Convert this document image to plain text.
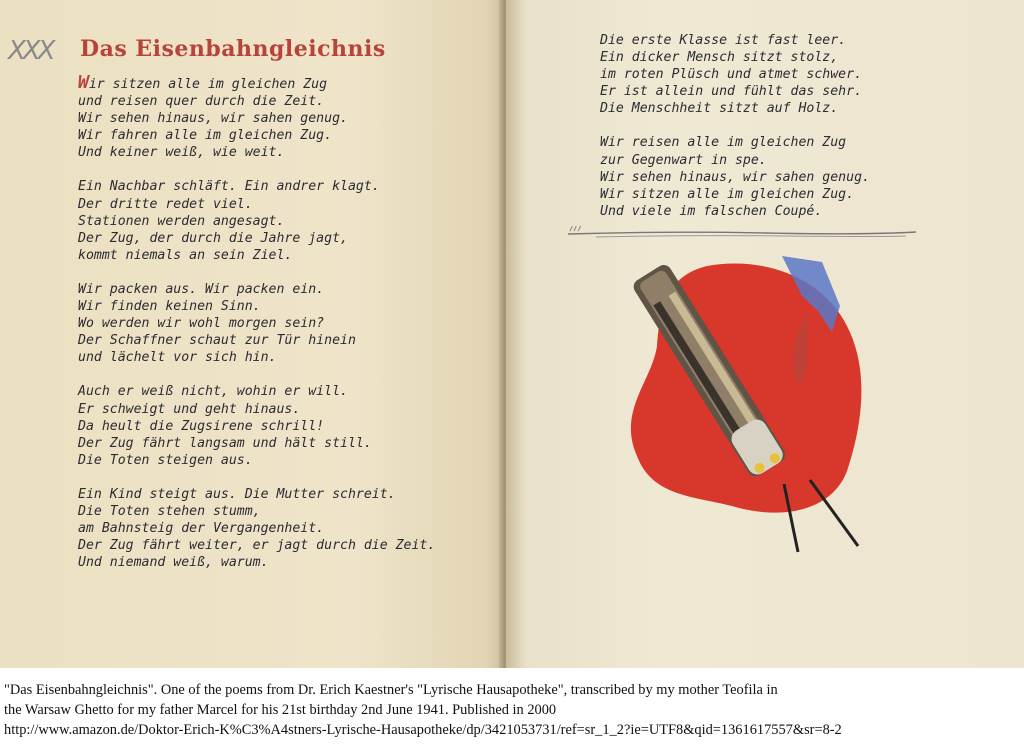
XXX Das Eisenbahngleichnis
Wir sitzen alle im gleichen Zug
und reisen quer durch die Zeit.
Wir sehen hinaus, wir sahen genug.
Wir fahren alle im gleichen Zug.
Und keiner weiß, wie weit.
Ein Nachbar schläft. Ein andrer klagt.
Der dritte redet viel.
Stationen werden angesagt.
Der Zug, der durch die Jahre jagt,
kommt niemals an sein Ziel.
Wir packen aus. Wir packen ein.
Wir finden keinen Sinn.
Wo werden wir wohl morgen sein?
Der Schaffner schaut zur Tür hinein
und lächelt vor sich hin.
Auch er weiß nicht, wohin er will.
Er schweigt und geht hinaus.
Da heult die Zugsirene schrill!
Der Zug fährt langsam und hält still.
Die Toten steigen aus.
Ein Kind steigt aus. Die Mutter schreit.
Die Toten stehen stumm,
am Bahnsteig der Vergangenheit.
Der Zug fährt weiter, er jagt durch die Zeit.
Und niemand weiß, warum.
Die erste Klasse ist fast leer.
Ein dicker Mensch sitzt stolz,
im roten Plüsch und atmet schwer.
Er ist allein und fühlt das sehr.
Die Menschheit sitzt auf Holz.
Wir reisen alle im gleichen Zug
zur Gegenwart in spe.
Wir sehen hinaus, wir sahen genug.
Wir sitzen alle im gleichen Zug.
Und viele im falschen Coupé.
"Das Eisenbahngleichnis". One of the poems from Dr. Erich Kaestner's "Lyrische Hausapotheke", transcribed by my mother Teofila in
the Warsaw Ghetto for my father Marcel for his 21st birthday 2nd June 1941. Published in 2000
http://www.amazon.de/Doktor-Erich-K%C3%A4stners-Lyrische-Hausapotheke/dp/3421053731/ref=sr_1_2?ie=UTF8&qid=1361617557&sr=8-2
